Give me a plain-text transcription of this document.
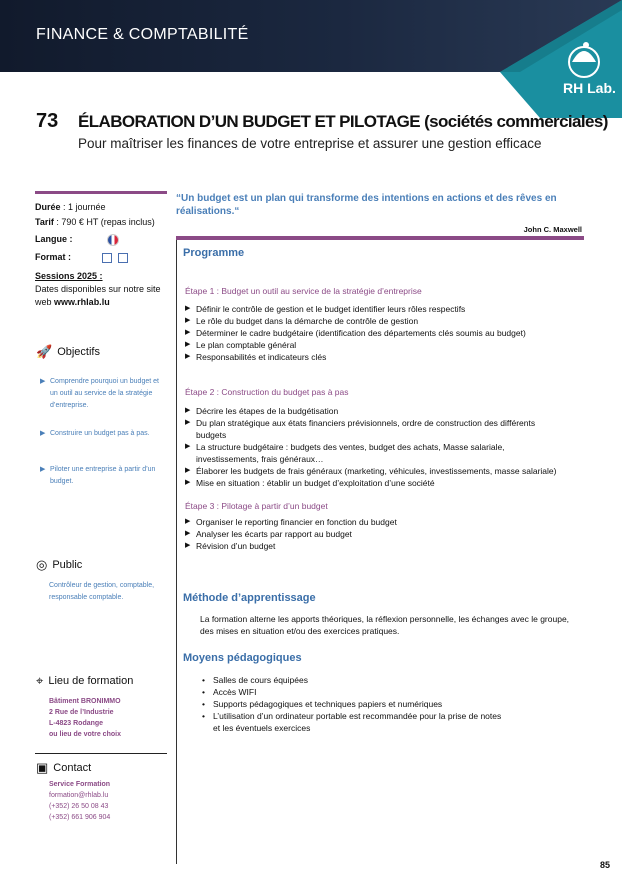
FINANCE & COMPTABILITÉ
RH Lab.
73 ÉLABORATION D’UN BUDGET ET PILOTAGE (sociétés commerciales)
Pour maîtriser les finances de votre entreprise et assurer une gestion efficace
Durée : 1 journée
Tarif : 790 € HT (repas inclus)
Langue :
Format :
Sessions 2025 :
Dates disponibles sur notre site web www.rhlab.lu
🚀 Objectifs
▶ Comprendre pourquoi un budget et un outil au service de la stratégie d’entreprise.
▶ Construire un budget pas à pas.
▶ Piloter une entreprise à partir d’un budget.
◎ Public
Contrôleur de gestion, comptable,
responsable comptable.
⌖ Lieu de formation
Bâtiment BRONIMMO
2 Rue de l’Industrie
L-4823 Rodange
ou lieu de votre choix
▣ Contact
Service Formation
formation@rhlab.lu
(+352) 26 50 08 43
(+352) 661 906 904
“Un budget est un plan qui transforme des intentions en actions et des rêves en réalisations.“
John C. Maxwell
Programme
Étape 1 : Budget un outil au service de la stratégie d’entreprise
▶ Définir le contrôle de gestion et le budget identifier leurs rôles respectifs
▶ Le rôle du budget dans la démarche de contrôle de gestion
▶ Déterminer le cadre budgétaire (identification des départements clés soumis au budget)
▶ Le plan comptable général
▶ Responsabilités et indicateurs clés
Étape 2 : Construction du budget pas à pas
▶ Décrire les étapes de la budgétisation
▶ Du plan stratégique aux états financiers prévisionnels, ordre de construction des différents budgets
▶ La structure budgétaire : budgets des ventes, budget des achats, Masse salariale, investissements, frais généraux…
▶ Élaborer les budgets de frais généraux (marketing, véhicules, investissements, masse salariale)
▶ Mise en situation : établir un budget d’exploitation d’une société
Étape 3 : Pilotage à partir d’un budget
▶ Organiser le reporting financier en fonction du budget
▶ Analyser les écarts par rapport au budget
▶ Révision d’un budget
Méthode d’apprentissage
La formation alterne les apports théoriques, la réflexion personnelle, les échanges avec le groupe, des mises en situation et/ou des exercices pratiques.
Moyens pédagogiques
• Salles de cours équipées
• Accès WIFI
• Supports pédagogiques et techniques papiers et numériques
• L’utilisation d’un ordinateur portable est recommandée pour la prise de notes et les éventuels exercices
85
